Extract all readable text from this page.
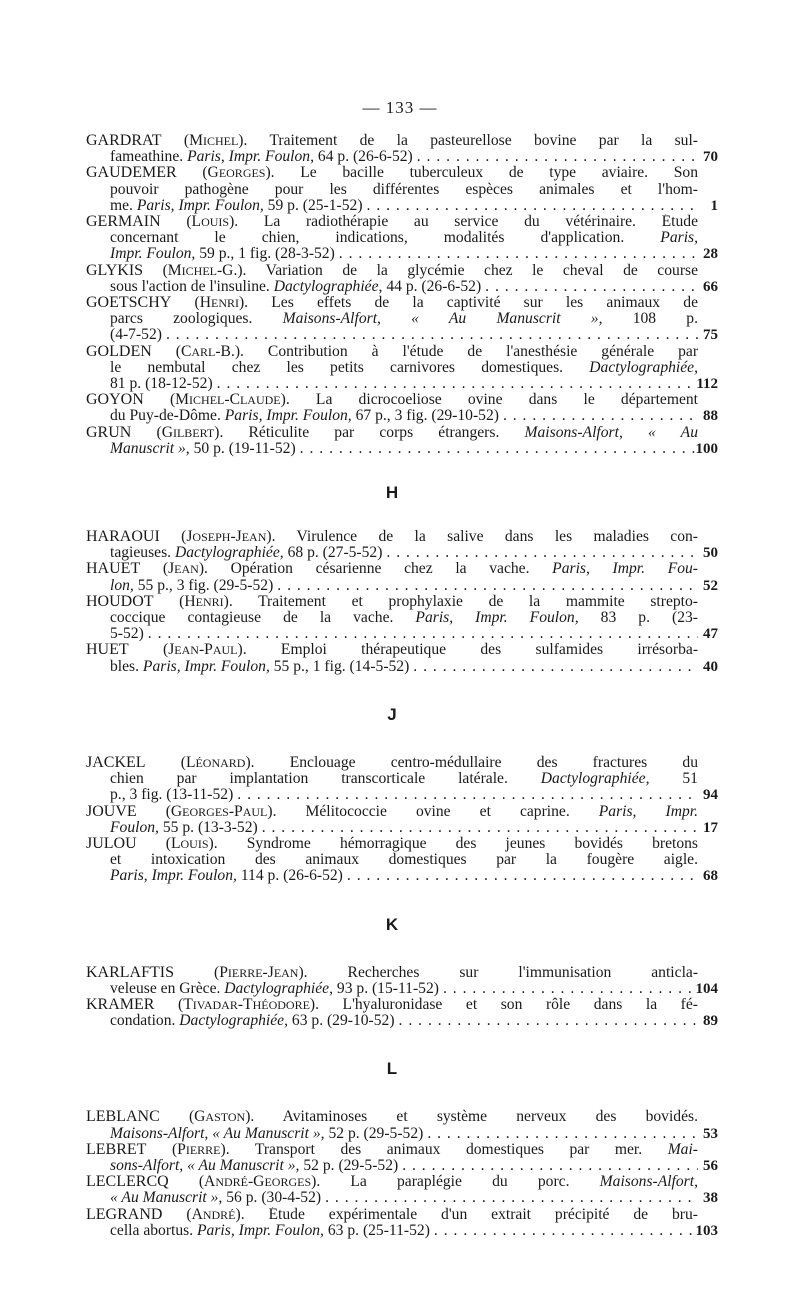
— 133 —
GARDRAT (MICHEL). Traitement de la pasteurellose bovine par la sul-
fameathine. Paris, Impr. Foulon, 64 p. (26-6-52) . . .	70
GAUDEMER (GEORGES). Le bacille tuberculeux de type aviaire. Son
pouvoir pathogène pour les différentes espèces animales et l'hom-
me. Paris, Impr. Foulon, 59 p. (25-1-52) . . .	1
GERMAIN (LOUIS). La radiothérapie au service du vétérinaire. Étude
concernant le chien, indications, modalités d'application. Paris,
Impr. Foulon, 59 p., 1 fig. (28-3-52) . . .	28
GLYKIS (MICHEL-G.). Variation de la glycémie chez le cheval de course
sous l'action de l'insuline. Dactylographiée, 44 p. (26-6-52) . . .	66
GOETSCHY (HENRI). Les effets de la captivité sur les animaux de
parcs zoologiques. Maisons-Alfort, « Au Manuscrit », 108 p.
(4-7-52) . . .	75
GOLDEN (CARL-B.). Contribution à l'étude de l'anesthésie générale par
le nembutal chez les petits carnivores domestiques. Dactylographiée,
81 p. (18-12-52) . . .	112
GOYON (MICHEL-CLAUDE). La dicrocoeliose ovine dans le département
du Puy-de-Dôme. Paris, Impr. Foulon, 67 p., 3 fig. (29-10-52) . . .	88
GRUN (GILBERT). Réticulite par corps étrangers. Maisons-Alfort, « Au
Manuscrit », 50 p. (19-11-52) . . .	100
H
HARAOUI (JOSEPH-JEAN). Virulence de la salive dans les maladies con-
tagieuses. Dactylographiée, 68 p. (27-5-52) . . .	50
HAUET (JEAN). Opération césarienne chez la vache. Paris, Impr. Fou-
lon, 55 p., 3 fig. (29-5-52) . . .	52
HOUDOT (HENRI). Traitement et prophylaxie de la mammite strepto-
coccique contagieuse de la vache. Paris, Impr. Foulon, 83 p. (23-
5-52) . . .	47
HUET (JEAN-PAUL). Emploi thérapeutique des sulfamides irrésorba-
bles. Paris, Impr. Foulon, 55 p., 1 fig. (14-5-52) . . .	40
J
JACKEL (LÉONARD). Enclouage centro-médullaire des fractures du
chien par implantation transcorticale latérale. Dactylographiée, 51
p., 3 fig. (13-11-52) . . .	94
JOUVE (GEORGES-PAUL). Mélitococcie ovine et caprine. Paris, Impr.
Foulon, 55 p. (13-3-52) . . .	17
JULOU (LOUIS). Syndrome hémorragique des jeunes bovidés bretons
et intoxication des animaux domestiques par la fougère aigle.
Paris, Impr. Foulon, 114 p. (26-6-52) . . .	68
K
KARLAFTIS (PIERRE-JEAN). Recherches sur l'immunisation anticla-
veleuse en Grèce. Dactylographiée, 93 p. (15-11-52) . . .	104
KRAMER (TIVADAR-THÉODORE). L'hyaluronidase et son rôle dans la fé-
condation. Dactylographiée, 63 p. (29-10-52) . . .	89
L
LEBLANC (GASTON). Avitaminoses et système nerveux des bovidés.
Maisons-Alfort, « Au Manuscrit », 52 p. (29-5-52) . . .	53
LEBRET (PIERRE). Transport des animaux domestiques par mer. Mai-
sons-Alfort, « Au Manuscrit », 52 p. (29-5-52) . . .	56
LECLERCQ (ANDRÉ-GEORGES). La paraplégie du porc. Maisons-Alfort,
« Au Manuscrit », 56 p. (30-4-52) . . .	38
LEGRAND (ANDRÉ). Étude expérimentale d'un extrait précipité de bru-
cella abortus. Paris, Impr. Foulon, 63 p. (25-11-52) . . .	103
